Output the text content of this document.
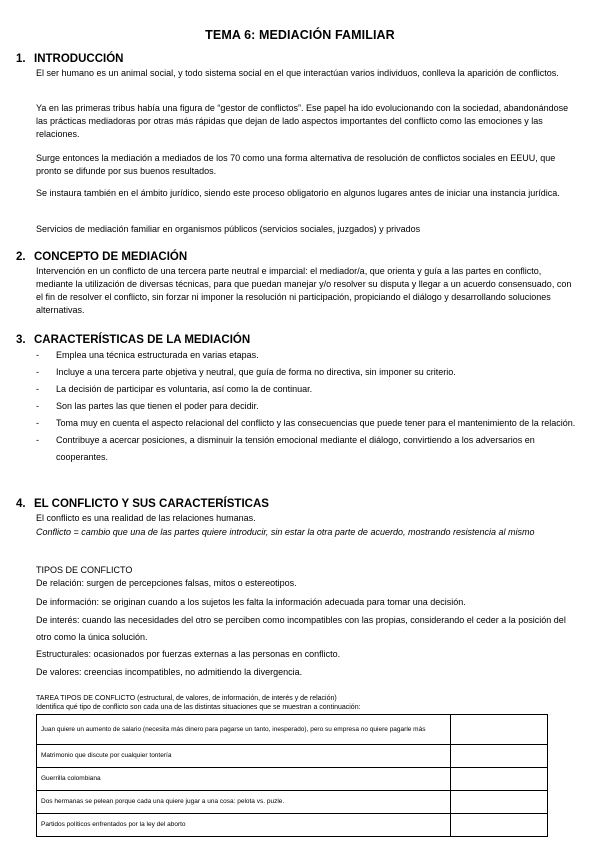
TEMA 6: MEDIACIÓN FAMILIAR
1. INTRODUCCIÓN
El ser humano es un animal social, y todo sistema social en el que interactúan varios individuos, conlleva la aparición de conflictos.
Ya en las primeras tribus había una figura de “gestor de conflictos”. Ese papel ha ido evolucionando con la sociedad, abandonándose las prácticas mediadoras por otras más rápidas que dejan de lado aspectos importantes del conflicto como las emociones y las relaciones.
Surge entonces la mediación a mediados de los 70 como una forma alternativa de resolución de conflictos sociales en EEUU, que pronto se difunde por sus buenos resultados.
Se instaura también en el ámbito jurídico, siendo este proceso obligatorio en algunos lugares antes de iniciar una instancia jurídica.
Servicios de mediación familiar en organismos públicos (servicios sociales, juzgados) y privados
2. CONCEPTO DE MEDIACIÓN
Intervención en un conflicto de una tercera parte neutral e imparcial: el mediador/a, que orienta y guía a las partes en conflicto, mediante la utilización de diversas técnicas, para que puedan manejar y/o resolver su disputa y llegar a un acuerdo consensuado, con el fin de resolver el conflicto, sin forzar ni imponer la resolución ni participación, propiciando el diálogo y desarrollando soluciones alternativas.
3. CARACTERÍSTICAS DE LA MEDIACIÓN
- Emplea una técnica estructurada en varias etapas.
- Incluye a una tercera parte objetiva y neutral, que guía de forma no directiva, sin imponer su criterio.
- La decisión de participar es voluntaria, así como la de continuar.
- Son las partes las que tienen el poder para decidir.
- Toma muy en cuenta el aspecto relacional del conflicto y las consecuencias que puede tener para el mantenimiento de la relación.
- Contribuye a acercar posiciones, a disminuir la tensión emocional mediante el diálogo, convirtiendo a los adversarios en cooperantes.
4. EL CONFLICTO Y SUS CARACTERÍSTICAS
El conflicto es una realidad de las relaciones humanas.
Conflicto = cambio que una de las partes quiere introducir, sin estar la otra parte de acuerdo, mostrando resistencia al mismo
TIPOS DE CONFLICTO
De relación: surgen de percepciones falsas, mitos o estereotipos.
De información: se originan cuando a los sujetos les falta la información adecuada para tomar una decisión.
De interés: cuando las necesidades del otro se perciben como incompatibles con las propias, considerando el ceder a la posición del otro como la única solución.
Estructurales: ocasionados por fuerzas externas a las personas en conflicto.
De valores: creencias incompatibles, no admitiendo la divergencia.
TAREA TIPOS DE CONFLICTO (estructural, de valores, de información, de interés y de relación)
Identifica qué tipo de conflicto son cada una de las distintas situaciones que se muestran a continuación:
Juan quiere un aumento de salario (necesita más dinero para pagarse un tanto, inesperado), pero su empresa no quiere pagarle más	
Matrimonio que discute por cualquier tontería	
Guerrilla colombiana	
Dos hermanas se pelean porque cada una quiere jugar a una cosa: pelota vs. puzle.	
Partidos políticos enfrentados por la ley del aborto	
